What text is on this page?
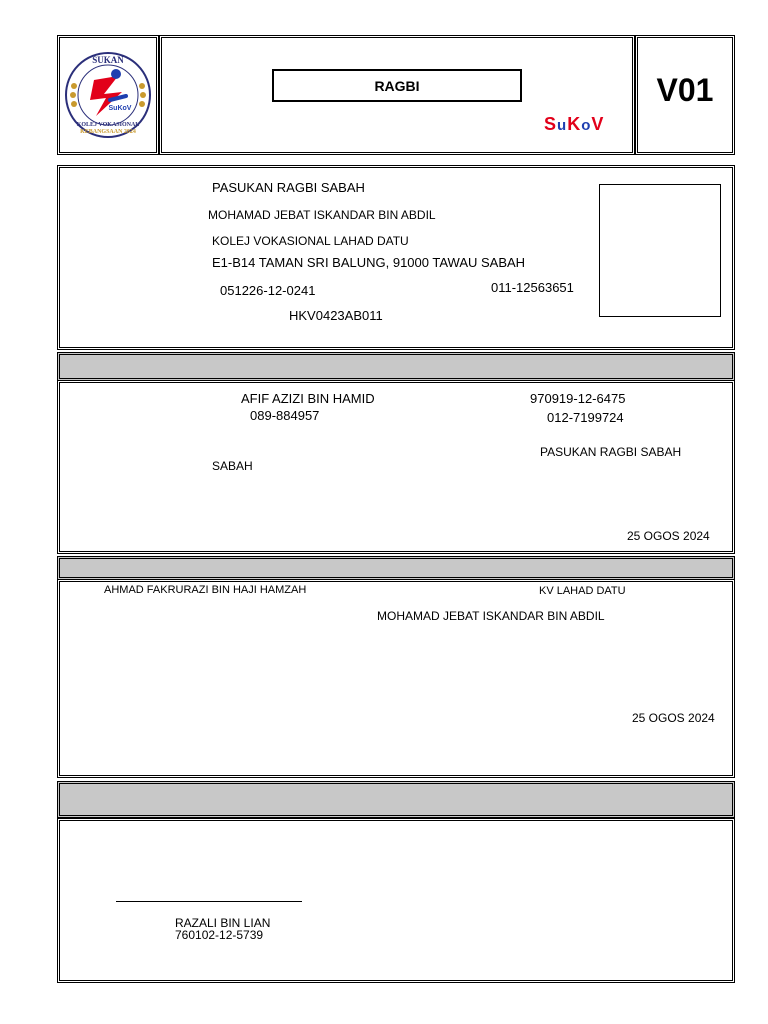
SUKAN
KEBANGSAAN 2024
KOLEJ VOKASIONAL
SuKoV
RAGBI
SuKoV
V01
PASUKAN RAGBI SABAH
MOHAMAD JEBAT ISKANDAR BIN ABDIL
KOLEJ VOKASIONAL LAHAD DATU
E1-B14 TAMAN SRI BALUNG, 91000 TAWAU SABAH
051226-12-0241	011-12563651
HKV0423AB011
AFIF AZIZI BIN HAMID	970919-12-6475
089-884957	012-7199724
PASUKAN RAGBI SABAH
SABAH
25 OGOS 2024
AHMAD FAKRURAZI BIN HAJI HAMZAH	KV LAHAD DATU
MOHAMAD JEBAT ISKANDAR BIN ABDIL
25 OGOS 2024
RAZALI BIN LIAN
760102-12-5739
